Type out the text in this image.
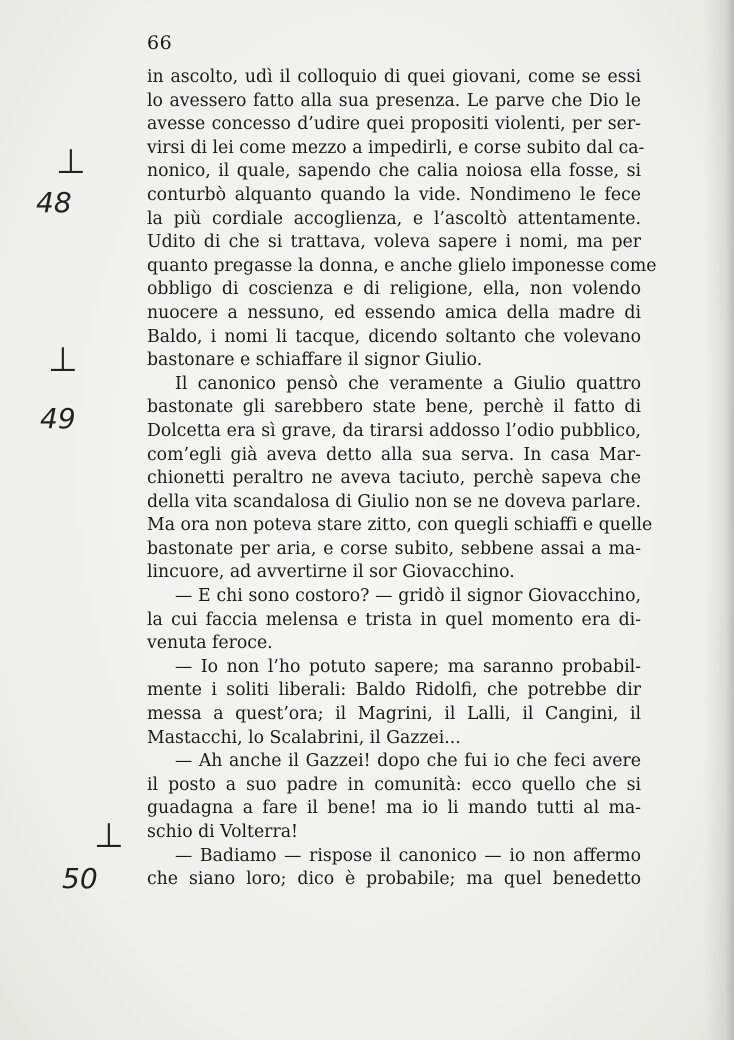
66
in ascolto, udì il colloquio di quei giovani, come se essi
lo avessero fatto alla sua presenza. Le parve che Dio le
avesse concesso d’udire quei propositi violenti, per ser-
virsi di lei come mezzo a impedirli, e corse subito dal ca-
nonico, il quale, sapendo che calia noiosa ella fosse, si
conturbò alquanto quando la vide. Nondimeno le fece
la più cordiale accoglienza, e l’ascoltò attentamente.
Udito di che si trattava, voleva sapere i nomi, ma per
quanto pregasse la donna, e anche glielo imponesse come
obbligo di coscienza e di religione, ella, non volendo
nuocere a nessuno, ed essendo amica della madre di
Baldo, i nomi li tacque, dicendo soltanto che volevano
bastonare e schiaffare il signor Giulio.
Il canonico pensò che veramente a Giulio quattro
bastonate gli sarebbero state bene, perchè il fatto di
Dolcetta era sì grave, da tirarsi addosso l’odio pubblico,
com’egli già aveva detto alla sua serva. In casa Mar-
chionetti peraltro ne aveva taciuto, perchè sapeva che
della vita scandalosa di Giulio non se ne doveva parlare.
Ma ora non poteva stare zitto, con quegli schiaffi e quelle
bastonate per aria, e corse subito, sebbene assai a ma-
lincuore, ad avvertirne il sor Giovacchino.
— E chi sono costoro? — gridò il signor Giovacchino,
la cui faccia melensa e trista in quel momento era di-
venuta feroce.
— Io non l’ho potuto sapere; ma saranno probabil-
mente i soliti liberali: Baldo Ridolfi, che potrebbe dir
messa a quest’ora; il Magrini, il Lalli, il Cangini, il
Mastacchi, lo Scalabrini, il Gazzei...
— Ah anche il Gazzei! dopo che fui io che feci avere
il posto a suo padre in comunità: ecco quello che si
guadagna a fare il bene! ma io li mando tutti al ma-
schio di Volterra!
— Badiamo — rispose il canonico — io non affermo
che siano loro; dico è probabile; ma quel benedetto
⊥
48
⊥
49
⊥
50
